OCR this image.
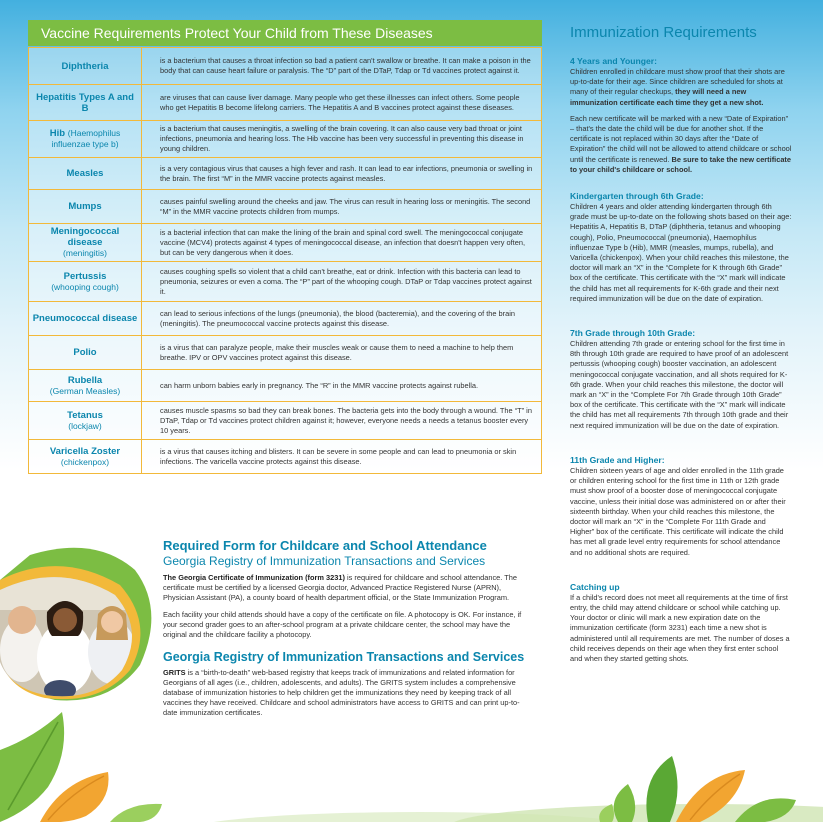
Vaccine Requirements Protect Your Child from These Diseases
Diphtheria	is a bacterium that causes a throat infection so bad a patient can't swallow or breathe. It can make a poison in the body that can cause heart failure or paralysis. The “D” part of the DTaP, Tdap or Td vaccines protect against it.
Hepatitis Types A and B	are viruses that can cause liver damage. Many people who get these illnesses can infect others. Some people who get Hepatitis B become lifelong carriers. The Hepatitis A and B vaccines protect against these diseases.
Hib (Haemophilus influenzae type b)	is a bacterium that causes meningitis, a swelling of the brain covering. It can also cause very bad throat or joint infections, pneumonia and hearing loss. The Hib vaccine has been very successful in preventing this disease in young children.
Measles	is a very contagious virus that causes a high fever and rash. It can lead to ear infections, pneumonia or swelling in the brain. The first “M” in the MMR vaccine protects against measles.
Mumps	causes painful swelling around the cheeks and jaw. The virus can result in hearing loss or meningitis. The second “M” in the MMR vaccine protects children from mumps.
Meningococcal disease
(meningitis)	is a bacterial infection that can make the lining of the brain and spinal cord swell. The meningococcal conjugate vaccine (MCV4) protects against 4 types of meningococcal disease, an infection that doesn't happen very often, but can be very dangerous when it does.
Pertussis
(whooping cough)	causes coughing spells so violent that a child can't breathe, eat or drink. Infection with this bacteria can lead to pneumonia, seizures or even a coma. The “P” part of the whooping cough. DTaP or Tdap vaccines protect against it.
Pneumococcal disease	can lead to serious infections of the lungs (pneumonia), the blood (bacteremia), and the covering of the brain (meningitis). The pneumococcal vaccine protects against this disease.
Polio	is a virus that can paralyze people, make their muscles weak or cause them to need a machine to help them breathe. IPV or OPV vaccines protect against this disease.
Rubella
(German Measles)	can harm unborn babies early in pregnancy. The “R” in the MMR vaccine protects against rubella.
Tetanus
(lockjaw)	causes muscle spasms so bad they can break bones. The bacteria gets into the body through a wound. The “T” in DTaP, Tdap or Td vaccines protect children against it; however, everyone needs a needs a tetanus booster every 10 years.
Varicella Zoster
(chickenpox)	is a virus that causes itching and blisters. It can be severe in some people and can lead to pneumonia or skin infections. The varicella vaccine protects against this disease.
Immunization Requirements
4 Years and Younger:

Children enrolled in childcare must show proof that their shots are up-to-date for their age. Since children are scheduled for shots at many of their regular checkups, they will need a new immunization certificate each time they get a new shot.

Each new certificate will be marked with a new “Date of Expiration” – that's the date the child will be due for another shot. If the certificate is not replaced within 30 days after the “Date of Expiration” the child will not be allowed to attend childcare or school until the certificate is renewed. Be sure to take the new certificate to your child's childcare or school.

Kindergarten through 6th Grade:

Children 4 years and older attending kindergarten through 6th grade must be up-to-date on the following shots based on their age: Hepatitis A, Hepatitis B, DTaP (diphtheria, tetanus and whooping cough), Polio, Pneumococcal (pneumonia), Haemophilus influenzae Type b (Hib), MMR (measles, mumps, rubella), and Varicella (chickenpox). When your child reaches this milestone, the doctor will mark an “X” in the “Complete for K through 6th Grade” box of the certificate. This certificate with the “X” mark will indicate the child has met all requirements for K-6th grade and their next required immunization will be due on the date of expiration.

7th Grade through 10th Grade:

Children attending 7th grade or entering school for the first time in 8th through 10th grade are required to have proof of an adolescent pertussis (whooping cough) booster vaccination, an adolescent meningococcal conjugate vaccination, and all shots required for K-6th grade. When your child reaches this milestone, the doctor will mark an “X” in the “Complete For 7th Grade through 10th Grade” box of the certificate. This certificate with the “X” mark will indicate the child has met all requirements 7th through 10th grade and their next required immunization will be due on the date of expiration.

11th Grade and Higher:

Children sixteen years of age and older enrolled in the 11th grade or children entering school for the first time in 11th or 12th grade must show proof of a booster dose of meningococcal conjugate vaccine, unless their initial dose was administered on or after their sixteenth birthday. When your child reaches this milestone, the doctor will mark an “X” in the “Complete For 11th Grade and Higher” box of the certificate. This certificate will indicate the child has met all grade level entry requirements for school attendance and no additional shots are required.

Catching up

If a child's record does not meet all requirements at the time of first entry, the child may attend childcare or school while catching up. Your doctor or clinic will mark a new expiration date on the immunization certificate (form 3231) each time a new shot is administered until all requirements are met. The number of doses a child receives depends on their age when they first enter school and when they started getting shots.

Required Form for Childcare and School Attendance
Georgia Registry of Immunization Transactions and Services

The Georgia Certificate of Immunization (form 3231) is required for childcare and school attendance. The certificate must be certified by a licensed Georgia doctor, Advanced Practice Registered Nurse (APRN), Physician Assistant (PA), a county board of health department official, or the State Immunization Program.

Each facility your child attends should have a copy of the certificate on file. A photocopy is OK. For instance, if your second grader goes to an after-school program at a private childcare center, the school may have the original and the childcare facility a photocopy.

Georgia Registry of Immunization Transactions and Services

GRITS is a “birth-to-death” web-based registry that keeps track of immunizations and related information for Georgians of all ages (i.e., children, adolescents, and adults). The GRITS system includes a comprehensive database of immunization histories to help children get the immunizations they need by keeping track of all vaccines they have received. Childcare and school administrators have access to GRITS and can print up-to-date immunization certificates.
